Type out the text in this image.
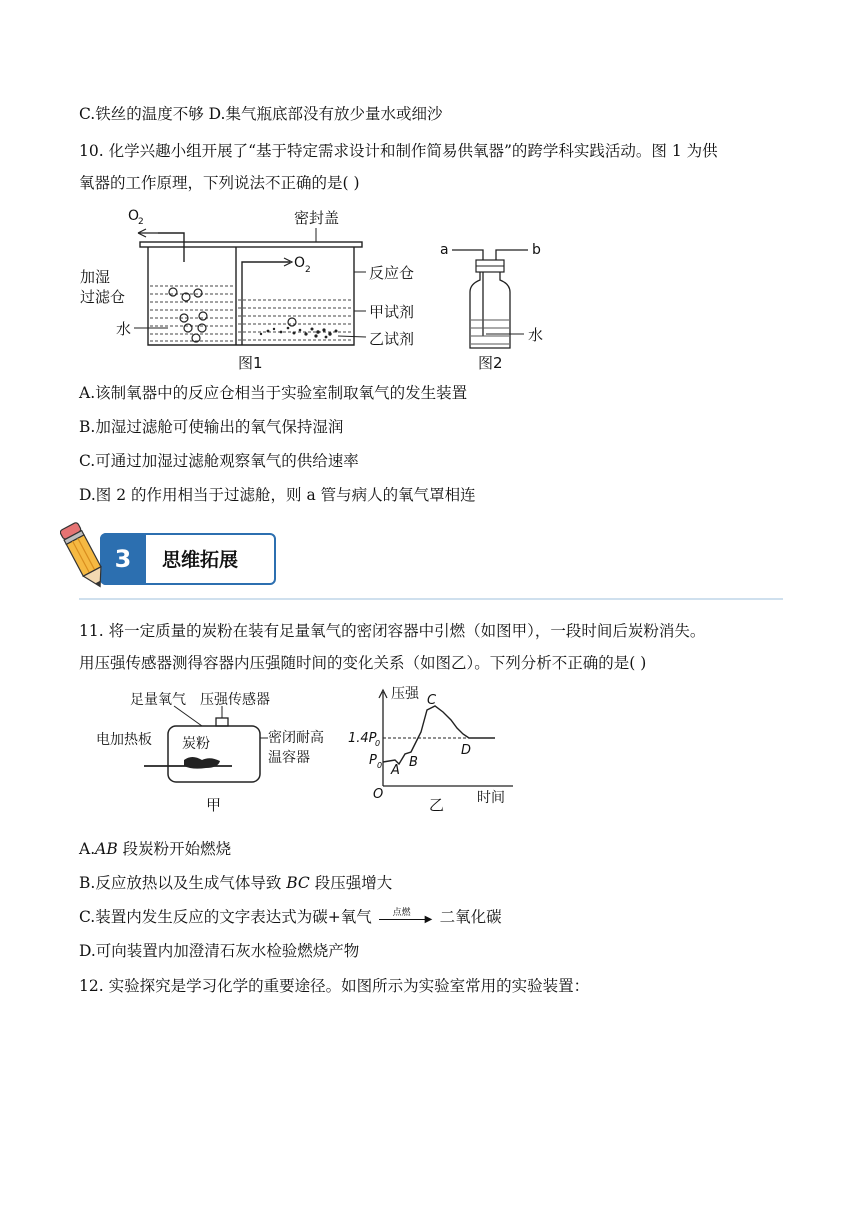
C.铁丝的温度不够 D.集气瓶底部没有放少量水或细沙
10. 化学兴趣小组开展了“基于特定需求设计和制作简易供氧器”的跨学科实践活动。图 1 为供
氧器的工作原理，下列说法不正确的是( )
O
2
O 2
密封盖
加湿
过滤仓
水
反应仓
甲试剂
乙试剂
图1
a	b
水
图2
A.该制氧器中的反应仓相当于实验室制取氧气的发生装置
B.加湿过滤舱可使输出的氧气保持湿润
C.可通过加湿过滤舱观察氧气的供给速率
D.图 2 的作用相当于过滤舱，则 a 管与病人的氧气罩相连
3	思维拓展
11. 将一定质量的炭粉在装有足量氧气的密闭容器中引燃（如图甲），一段时间后炭粉消失。
用压强传感器测得容器内压强随时间的变化关系（如图乙）。下列分析不正确的是( )
足量氧气 压强传感器
电加热板 炭粉	密闭耐高
温容器
甲
压强
时间
O
1.4P
0
P 0 A
B
C
D
乙
A.AB 段炭粉开始燃烧
B.反应放热以及生成气体导致 BC 段压强增大
C.装置内发生反应的文字表达式为碳+氧气 点燃
▶ 二氧化碳
D.可向装置内加澄清石灰水检验燃烧产物
12. 实验探究是学习化学的重要途径。如图所示为实验室常用的实验装置：
